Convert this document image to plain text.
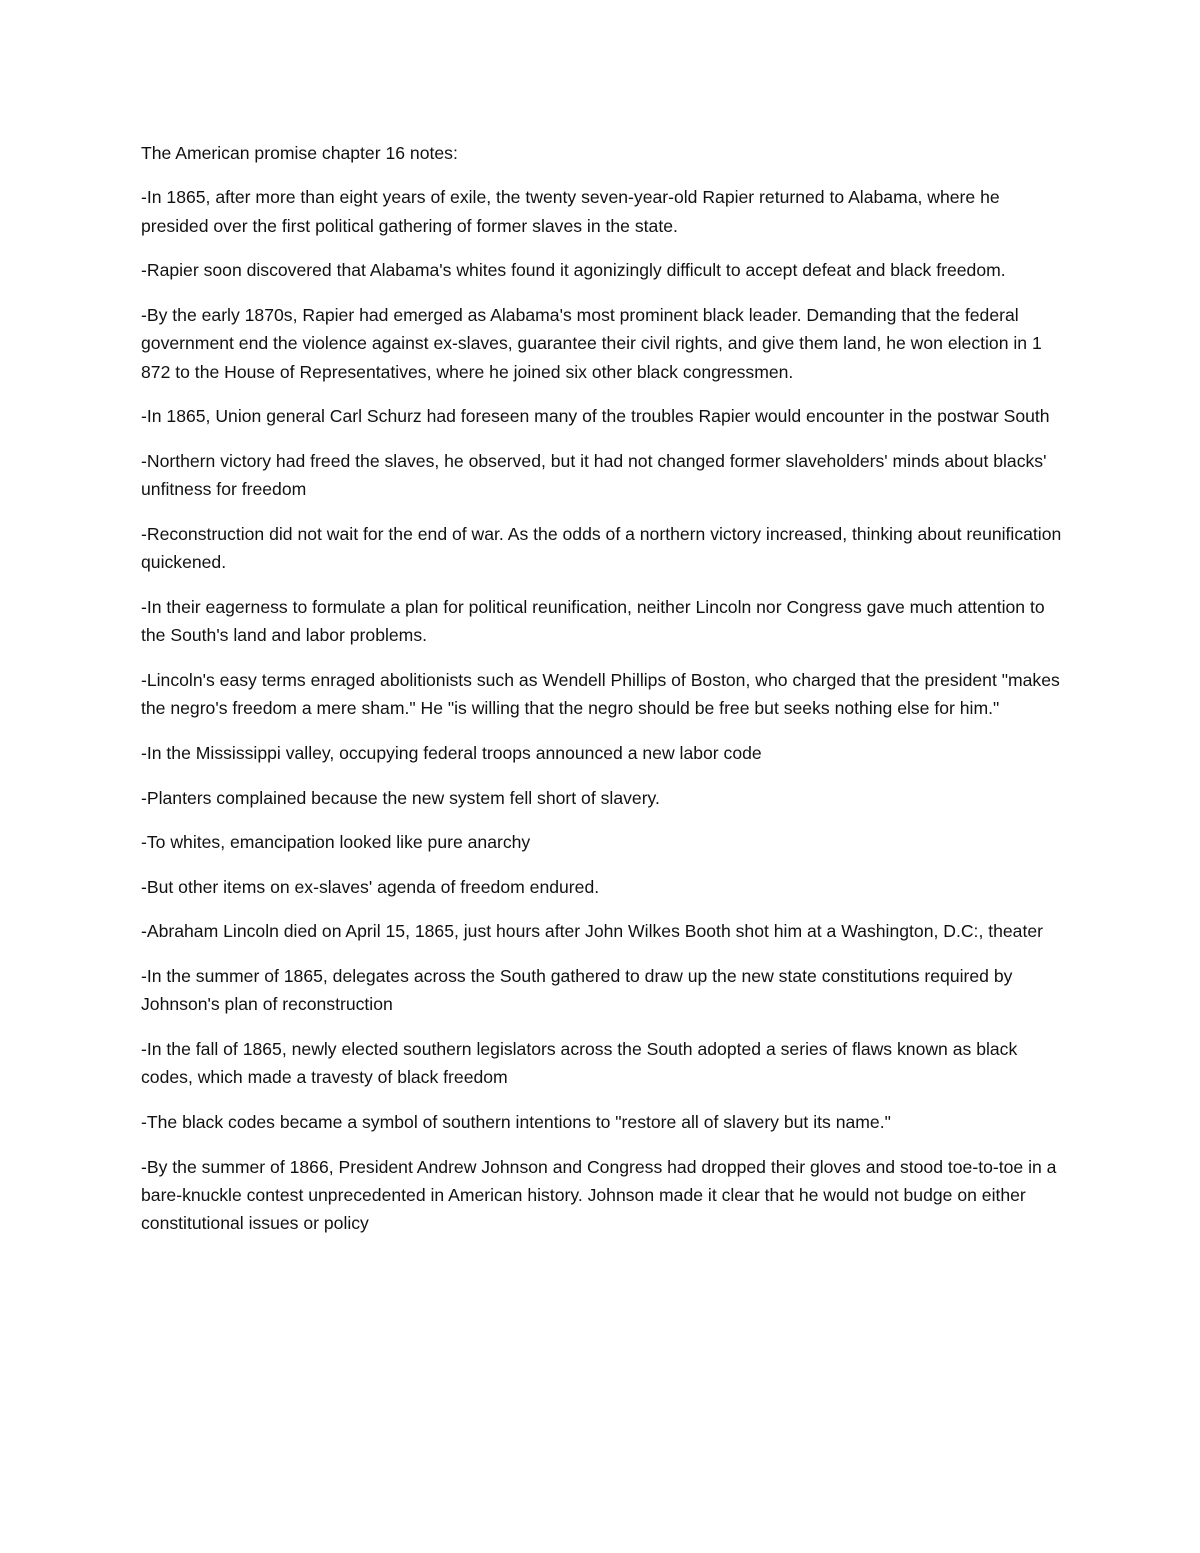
The American promise chapter 16 notes:

-In 1865, after more than eight years of exile, the twenty seven-year-old Rapier returned to Alabama, where he presided over the first political gathering of former slaves in the state.
-Rapier soon discovered that Alabama's whites found it agonizingly difficult to accept defeat and black freedom.
-By the early 1870s, Rapier had emerged as Alabama's most prominent black leader. Demanding that the federal government end the violence against ex-slaves, guarantee their civil rights, and give them land, he won election in 1 872 to the House of Representatives, where he joined six other black congressmen.
-In 1865, Union general Carl Schurz had foreseen many of the troubles Rapier would encounter in the postwar South
-Northern victory had freed the slaves, he observed, but it had not changed former slaveholders' minds about blacks' unfitness for freedom
-Reconstruction did not wait for the end of war. As the odds of a northern victory increased, thinking about reunification quickened.
-In their eagerness to formulate a plan for political reunification, neither Lincoln nor Congress gave much attention to the South's land and labor problems.
-Lincoln's easy terms enraged abolitionists such as Wendell Phillips of Boston, who charged that the president "makes the negro's freedom a mere sham." He "is willing that the negro should be free but seeks nothing else for him."
-In the Mississippi valley, occupying federal troops announced a new labor code
-Planters complained because the new system fell short of slavery.
-To whites, emancipation looked like pure anarchy
-But other items on ex-slaves' agenda of freedom endured.
-Abraham Lincoln died on April 15, 1865, just hours after John Wilkes Booth shot him at a Washington, D.C:, theater
-In the summer of 1865, delegates across the South gathered to draw up the new state constitutions required by Johnson's plan of reconstruction
-In the fall of 1865, newly elected southern legislators across the South adopted a series of flaws known as black codes, which made a travesty of black freedom
-The black codes became a symbol of southern intentions to "restore all of slavery but its name."
-By the summer of 1866, President Andrew Johnson and Congress had dropped their gloves and stood toe-to-toe in a bare-knuckle contest unprecedented in American history. Johnson made it clear that he would not budge on either constitutional issues or policy
